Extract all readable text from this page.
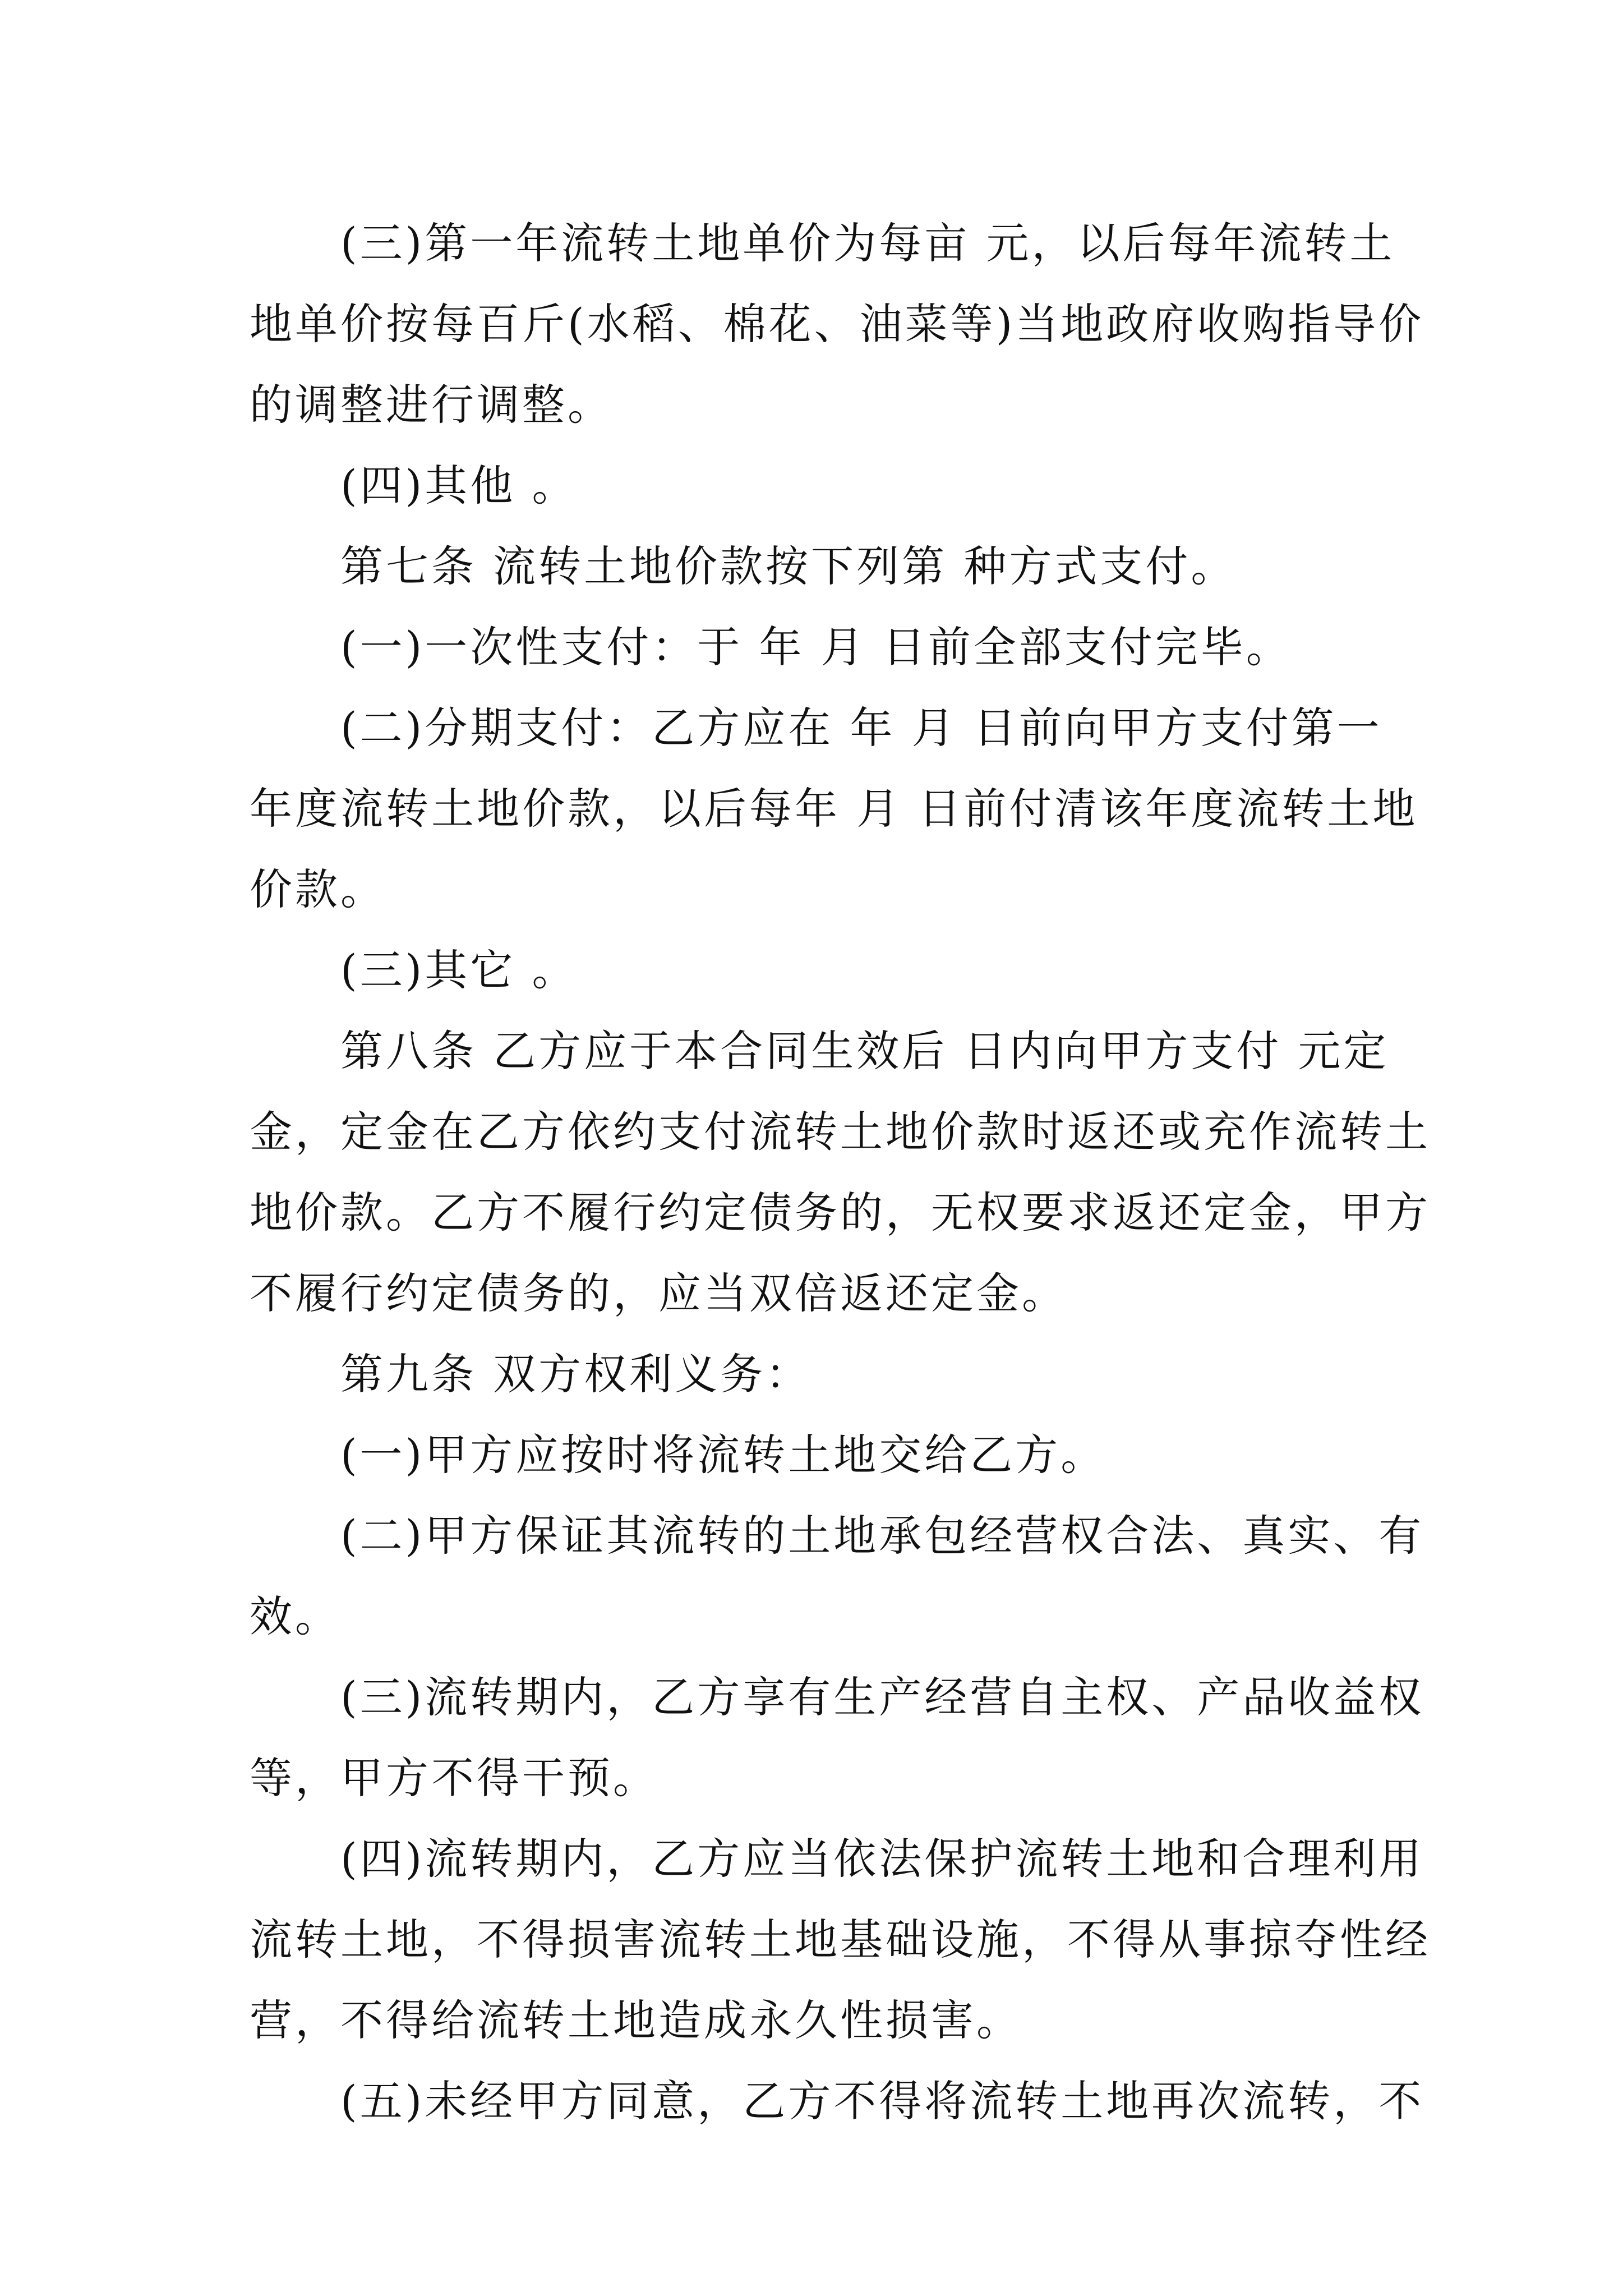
(三)第一年流转土地单价为每亩 元，以后每年流转土
地单价按每百斤(水稻、棉花、油菜等)当地政府收购指导价
的调整进行调整。

(四)其他 。

第七条 流转土地价款按下列第 种方式支付。

(一)一次性支付：于 年 月 日前全部支付完毕。

(二)分期支付：乙方应在 年 月 日前向甲方支付第一
年度流转土地价款，以后每年 月 日前付清该年度流转土地
价款。

(三)其它 。

第八条 乙方应于本合同生效后 日内向甲方支付 元定
金，定金在乙方依约支付流转土地价款时返还或充作流转土
地价款。乙方不履行约定债务的，无权要求返还定金，甲方
不履行约定债务的，应当双倍返还定金。

第九条 双方权利义务：

(一)甲方应按时将流转土地交给乙方。

(二)甲方保证其流转的土地承包经营权合法、真实、有
效。

(三)流转期内，乙方享有生产经营自主权、产品收益权
等，甲方不得干预。

(四)流转期内，乙方应当依法保护流转土地和合理利用
流转土地，不得损害流转土地基础设施，不得从事掠夺性经
营，不得给流转土地造成永久性损害。

(五)未经甲方同意，乙方不得将流转土地再次流转，不
